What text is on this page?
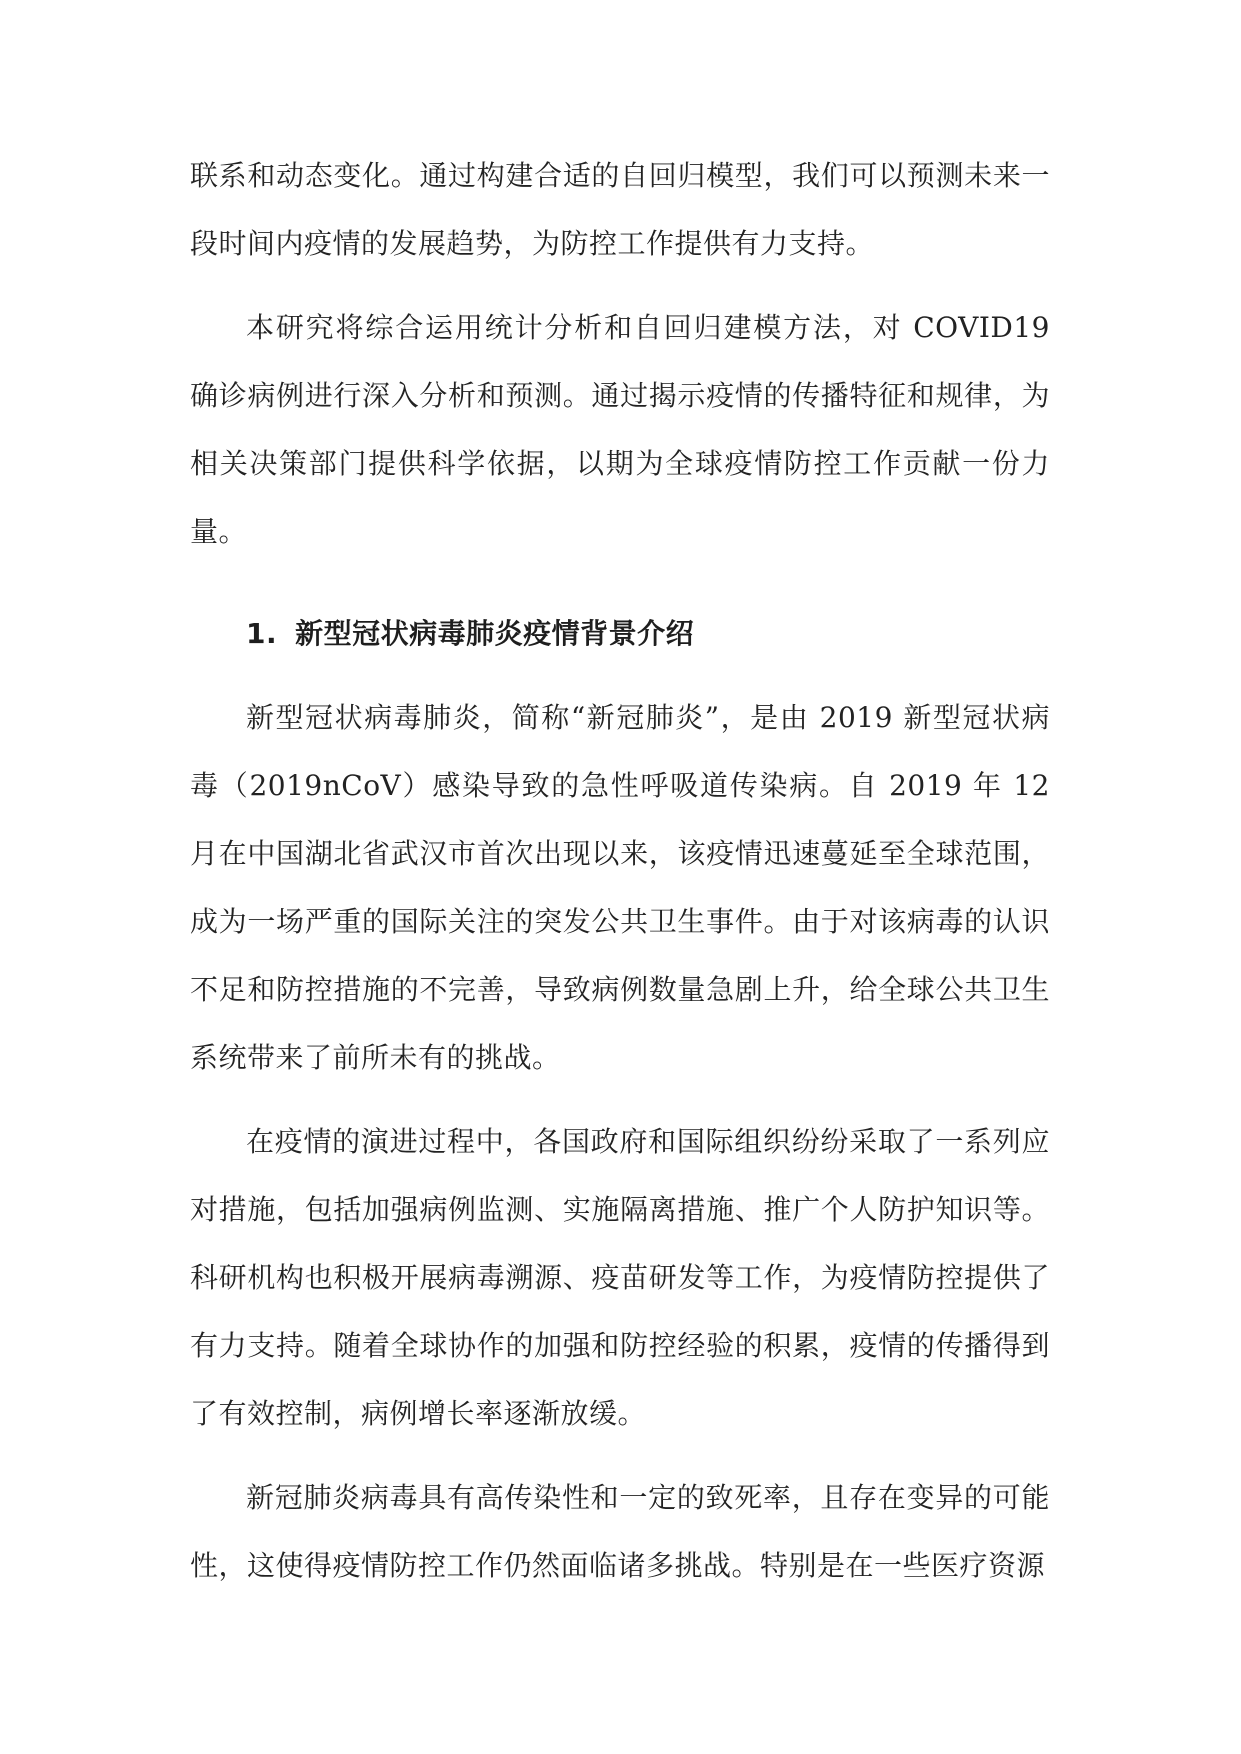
联系和动态变化。通过构建合适的自回归模型，我们可以预测未来一段时间内疫情的发展趋势，为防控工作提供有力支持。

本研究将综合运用统计分析和自回归建模方法，对 COVID19 确诊病例进行深入分析和预测。通过揭示疫情的传播特征和规律，为相关决策部门提供科学依据，以期为全球疫情防控工作贡献一份力量。

1. 新型冠状病毒肺炎疫情背景介绍

新型冠状病毒肺炎，简称“新冠肺炎”，是由 2019 新型冠状病毒（2019nCoV）感染导致的急性呼吸道传染病。自 2019 年 12 月在中国湖北省武汉市首次出现以来，该疫情迅速蔓延至全球范围，成为一场严重的国际关注的突发公共卫生事件。由于对该病毒的认识不足和防控措施的不完善，导致病例数量急剧上升，给全球公共卫生系统带来了前所未有的挑战。

在疫情的演进过程中，各国政府和国际组织纷纷采取了一系列应对措施，包括加强病例监测、实施隔离措施、推广个人防护知识等。科研机构也积极开展病毒溯源、疫苗研发等工作，为疫情防控提供了有力支持。随着全球协作的加强和防控经验的积累，疫情的传播得到了有效控制，病例增长率逐渐放缓。

新冠肺炎病毒具有高传染性和一定的致死率，且存在变异的可能性，这使得疫情防控工作仍然面临诸多挑战。特别是在一些医疗资源
